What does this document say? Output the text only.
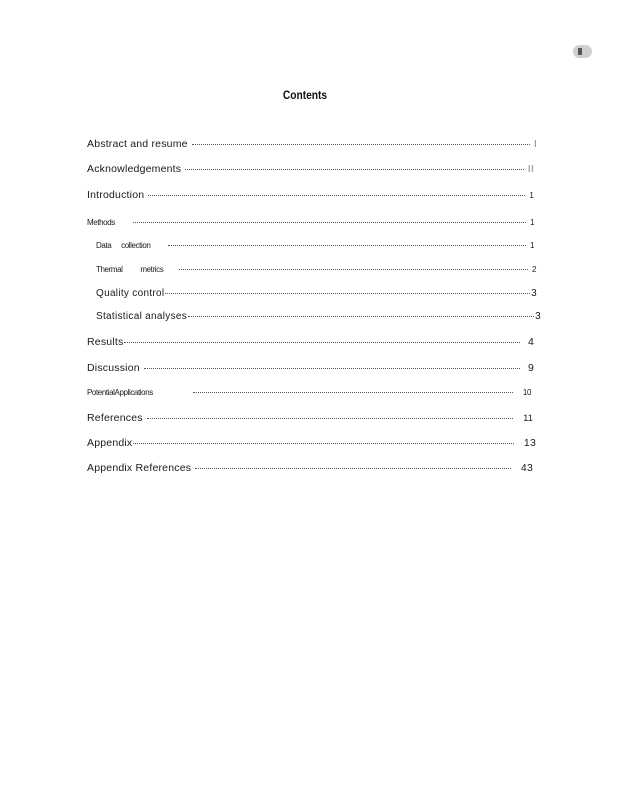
Contents
Abstract and resume	I
Acknowledgements	II
Introduction	1
Methods	1
Data collection	1
Thermal metrics	2
Quality control	3
Statistical analyses	3
Results	4
Discussion	9
PotentialApplications	10
References	11
Appendix	13
Appendix References	43
